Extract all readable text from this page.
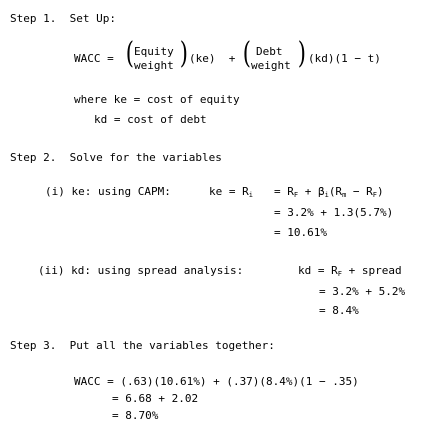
Step 1.  Set Up:
WACC = ( Equity
weight ) (ke)  + ( Debt
weight ) (kd)(1 − t)
where ke = cost of equity
kd = cost of debt
Step 2.  Solve for the variables
(i) ke: using CAPM:	ke = $R_i = R_F + \beta_i(R_m - R_F)$
= 3.2% + 1.3(5.7%)
= 10.61%
(ii) kd: using spread analysis:	kd = $R_F$ + spread
= 3.2% + 5.2%
= 8.4%
Step 3.  Put all the variables together:
WACC = (.63)(10.61%) + (.37)(8.4%)(1 − .35)
= 6.68 + 2.02
= 8.70%
